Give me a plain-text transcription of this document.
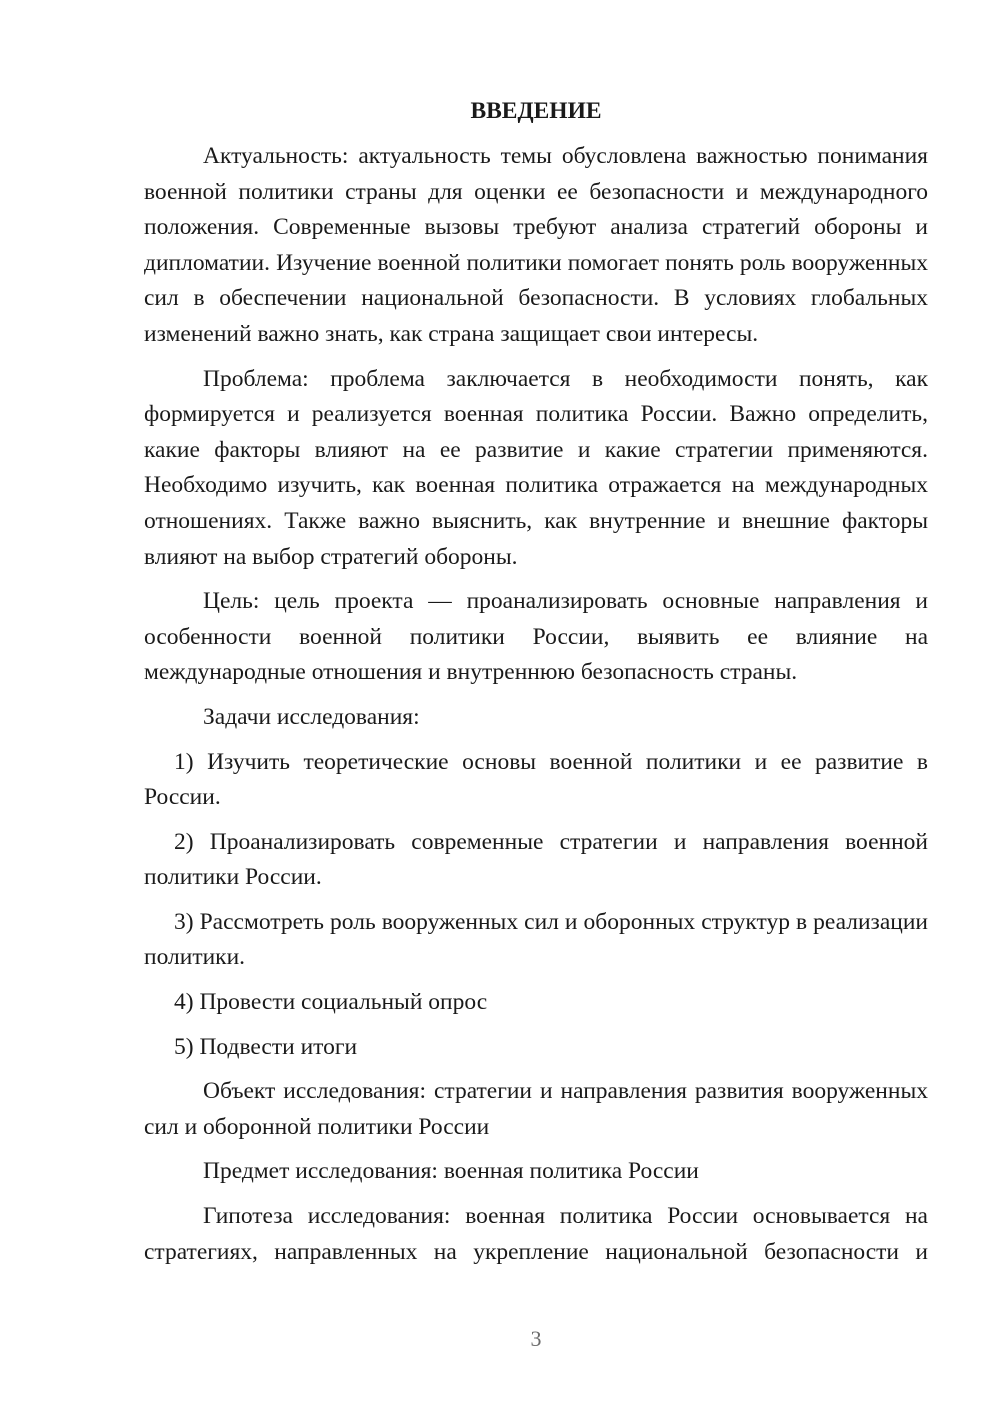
ВВЕДЕНИЕ

Актуальность: актуальность темы обусловлена важностью понимания военной политики страны для оценки ее безопасности и международного положения. Современные вызовы требуют анализа стратегий обороны и дипломатии. Изучение военной политики помогает понять роль вооруженных сил в обеспечении национальной безопасности. В условиях глобальных изменений важно знать, как страна защищает свои интересы.

Проблема: проблема заключается в необходимости понять, как формируется и реализуется военная политика России. Важно определить, какие факторы влияют на ее развитие и какие стратегии применяются. Необходимо изучить, как военная политика отражается на международных отношениях. Также важно выяснить, как внутренние и внешние факторы влияют на выбор стратегий обороны.

Цель: цель проекта — проанализировать основные направления и особенности военной политики России, выявить ее влияние на международные отношения и внутреннюю безопасность страны.

Задачи исследования:

1) Изучить теоретические основы военной политики и ее развитие в России.

2) Проанализировать современные стратегии и направления военной политики России.

3) Рассмотреть роль вооруженных сил и оборонных структур в реализации политики.

4) Провести социальный опрос

5) Подвести итоги

Объект исследования: стратегии и направления развития вооруженных сил и оборонной политики России

Предмет исследования: военная политика России

Гипотеза исследования: военная политика России основывается на стратегиях, направленных на укрепление национальной безопасности и

3
